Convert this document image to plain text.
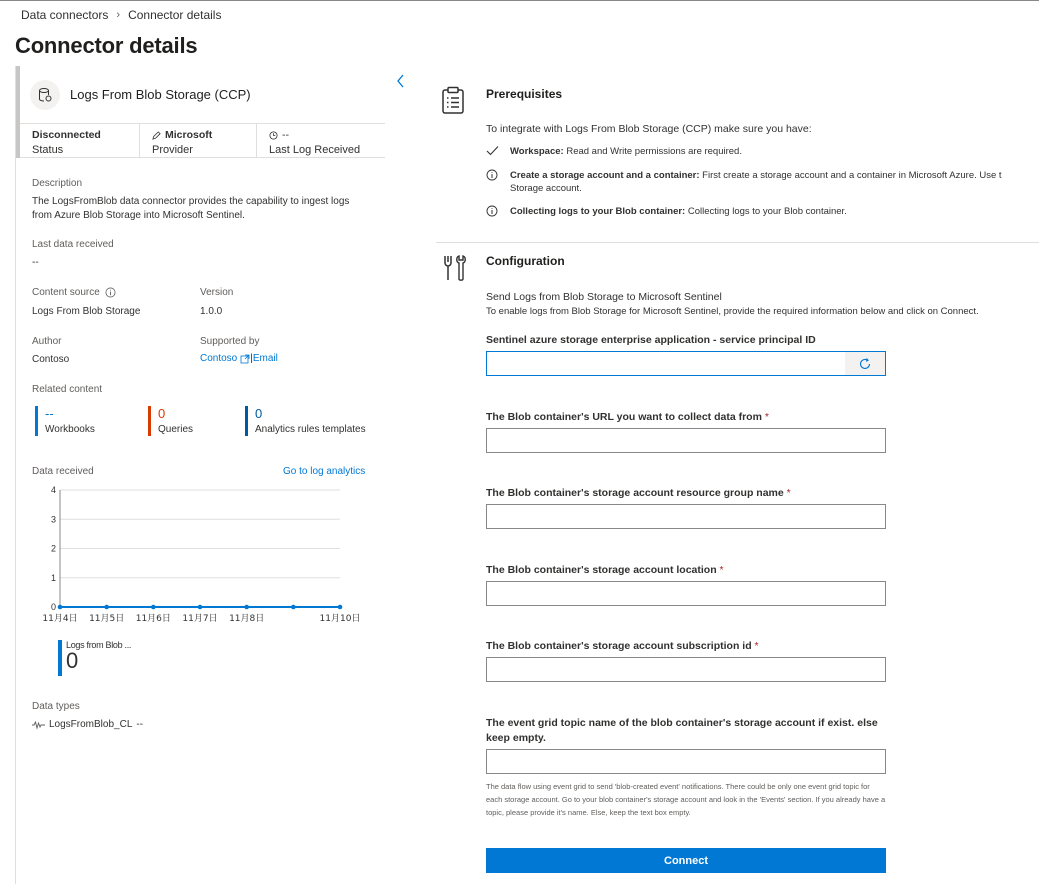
Data connectors › Connector details
Connector details
Logs From Blob Storage (CCP)
Disconnected
Status
Microsoft
Provider
--
Last Log Received
Description
The LogsFromBlob data connector provides the capability to ingest logs from Azure Blob Storage into Microsoft Sentinel.
Last data received
--
Content source
Logs From Blob Storage
Version
1.0.0
Author
Contoso
Supported by
Contoso | Email
Related content
--
Workbooks
0
Queries
0
Analytics rules templates
Data received	Go to log analytics
0
1
2
3
4
11月4日 11月5日 11月6日 11月7日 11月8日	11月10日
Logs from Blob ...
0
Data types
LogsFromBlob_CL --
Prerequisites
To integrate with Logs From Blob Storage (CCP) make sure you have:
Workspace: Read and Write permissions are required.
Create a storage account and a container: First create a storage account and a container in Microsoft Azure. Use t
Storage account.
Collecting logs to your Blob container: Collecting logs to your Blob container.
Configuration
Send Logs from Blob Storage to Microsoft Sentinel
To enable logs from Blob Storage for Microsoft Sentinel, provide the required information below and click on Connect.
Sentinel azure storage enterprise application - service principal ID
The Blob container's URL you want to collect data from *
The Blob container's storage account resource group name *
The Blob container's storage account location *
The Blob container's storage account subscription id *
The event grid topic name of the blob container's storage account if exist. else keep empty.
The data flow using event grid to send 'blob-created event' notifications. There could be only one event grid topic for each storage account. Go to your blob container's storage account and look in the 'Events' section. If you already have a topic, please provide it's name. Else, keep the text box empty.
Connect
